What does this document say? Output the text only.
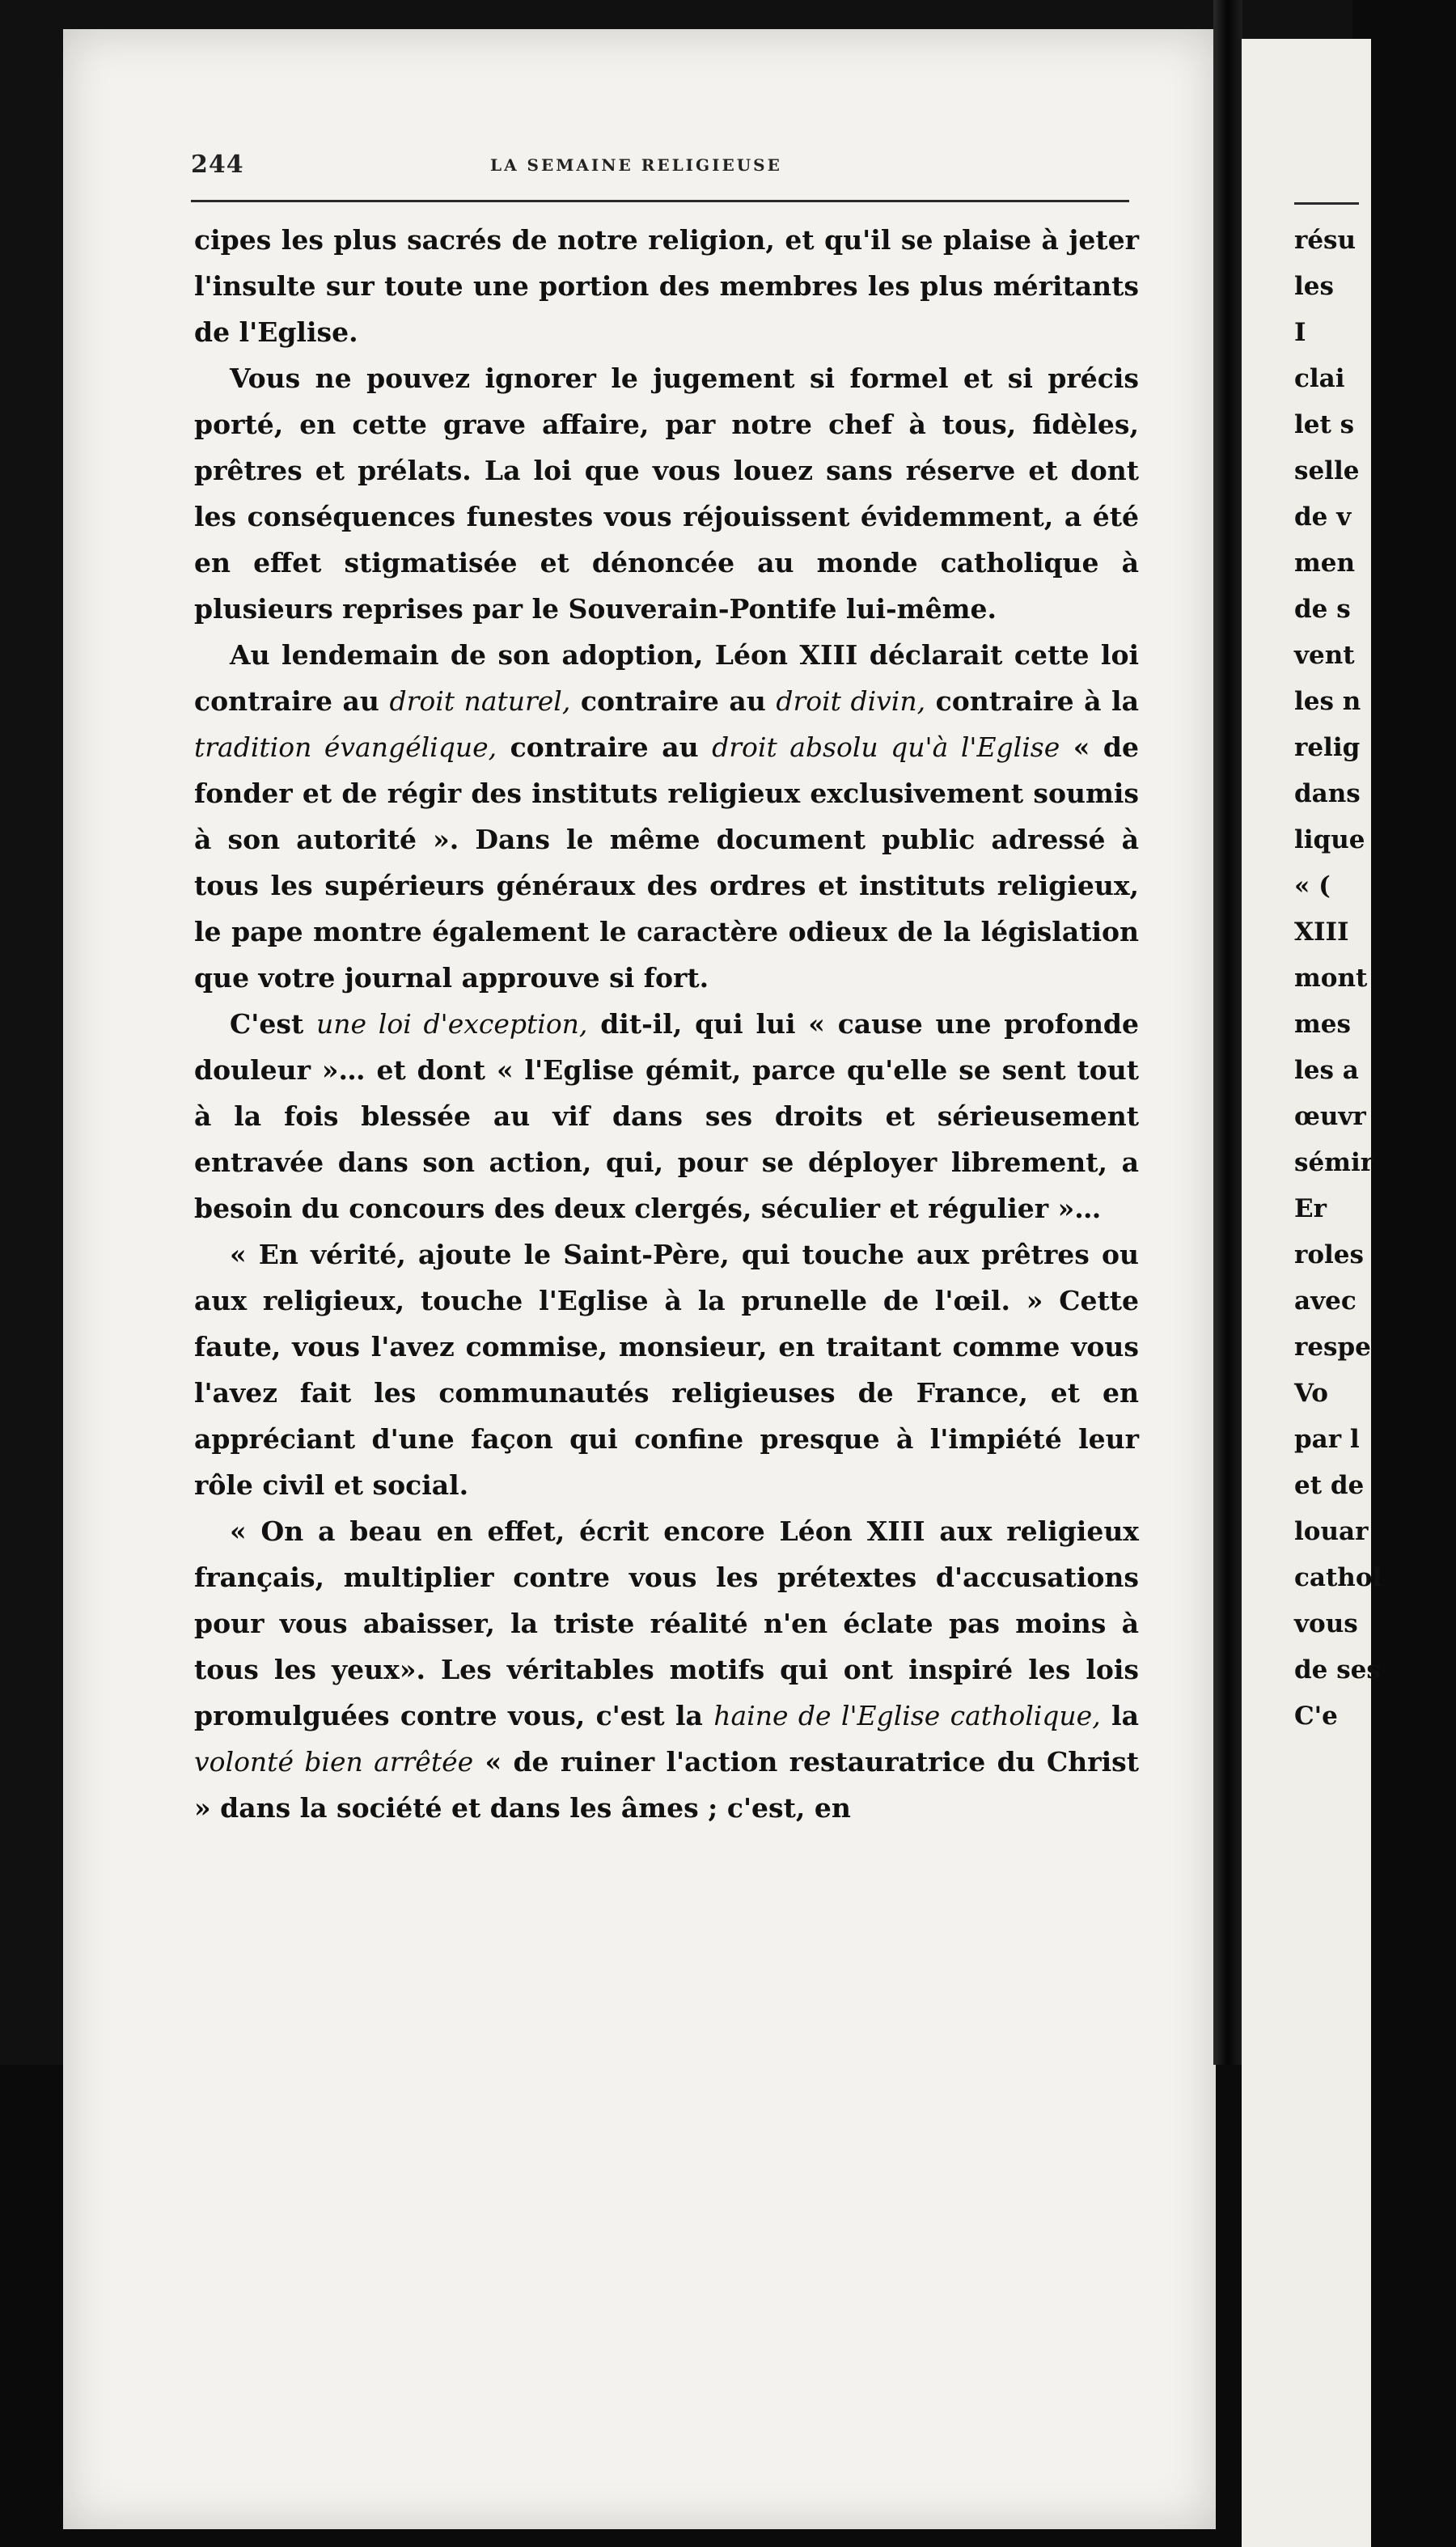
244	LA SEMAINE RELIGIEUSE

cipes les plus sacrés de notre religion, et qu'il se plaise à jeter l'insulte sur toute une portion des membres les plus méritants de l'Eglise.

Vous ne pouvez ignorer le jugement si formel et si précis porté, en cette grave affaire, par notre chef à tous, fidèles, prêtres et prélats. La loi que vous louez sans réserve et dont les conséquences funestes vous réjouissent évidemment, a été en effet stigmatisée et dénoncée au monde catholique à plusieurs reprises par le Souverain-Pontife lui-même.

Au lendemain de son adoption, Léon XIII déclarait cette loi contraire au droit naturel, contraire au droit divin, contraire à la tradition évangélique, contraire au droit absolu qu'à l'Eglise « de fonder et de régir des instituts religieux exclusivement soumis à son autorité ». Dans le même document public adressé à tous les supérieurs généraux des ordres et instituts religieux, le pape montre également le caractère odieux de la législation que votre journal approuve si fort.

C'est une loi d'exception, dit-il, qui lui « cause une profonde douleur »… et dont « l'Eglise gémit, parce qu'elle se sent tout à la fois blessée au vif dans ses droits et sérieusement entravée dans son action, qui, pour se déployer librement, a besoin du concours des deux clergés, séculier et régulier »…

« En vérité, ajoute le Saint-Père, qui touche aux prêtres ou aux religieux, touche l'Eglise à la prunelle de l'œil. » Cette faute, vous l'avez commise, monsieur, en traitant comme vous l'avez fait les communautés religieuses de France, et en appréciant d'une façon qui confine presque à l'impiété leur rôle civil et social.

« On a beau en effet, écrit encore Léon XIII aux religieux français, multiplier contre vous les prétextes d'accusations pour vous abaisser, la triste réalité n'en éclate pas moins à tous les yeux». Les véritables motifs qui ont inspiré les lois promulguées contre vous, c'est la haine de l'Eglise catholique, la volonté bien arrêtée « de ruiner l'action restauratrice du Christ » dans la société et dans les âmes ; c'est, en

résu
les
I
clai
let s
selle
de v
men
de s
vent
les n
relig
dans
lique
« (
XIII
mont
mes
les a
œuvr
sémir
Er
roles
avec
respe
Vo
par l
et de
louar
cathol
vous
de ses
C'e
